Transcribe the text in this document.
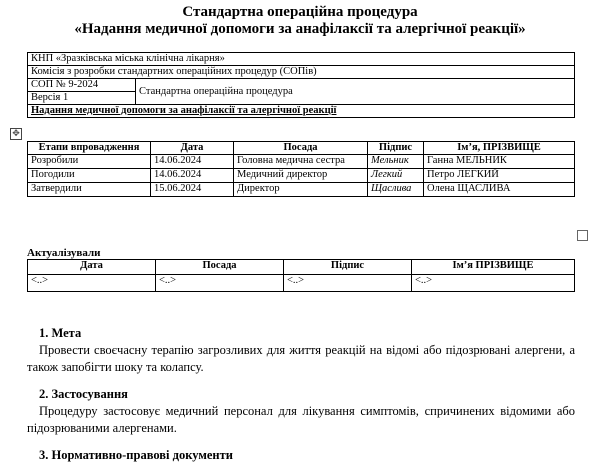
Стандартна операційна процедура
«Надання медичної допомоги за анафілаксії та алергічної реакції»
КНП «Зразківська міська клінічна лікарня»
Комісія з розробки стандартних операційних процедур (СОПів)
СОП № 9-2024	Стандартна операційна процедура
Версія 1
Надання медичної допомоги за анафілаксії та алергічної реакції
✥
Етапи впровадження	Дата	Посада	Підпис	Ім’я, ПРІЗВИЩЕ
Розробили	14.06.2024	Головна медична сестра	Мельник	Ганна МЕЛЬНИК
Погодили	14.06.2024	Медичний директор	Легкий	Петро ЛЕГКИЙ
Затвердили	15.06.2024	Директор	Щаслива	Олена ЩАСЛИВА
Актуалізували
Дата	Посада	Підпис	Ім’я ПРІЗВИЩЕ
<..>	<..>	<..>	<..>
1. Мета

Провести своєчасну терапію загрозливих для життя реакцій на відомі або підозрювані алергени, а також запобігти шоку та колапсу.

2. Застосування

Процедуру застосовує медичний персонал для лікування симптомів, спричинених відомими або підозрюваними алергенами.

3. Нормативно-правові документи
